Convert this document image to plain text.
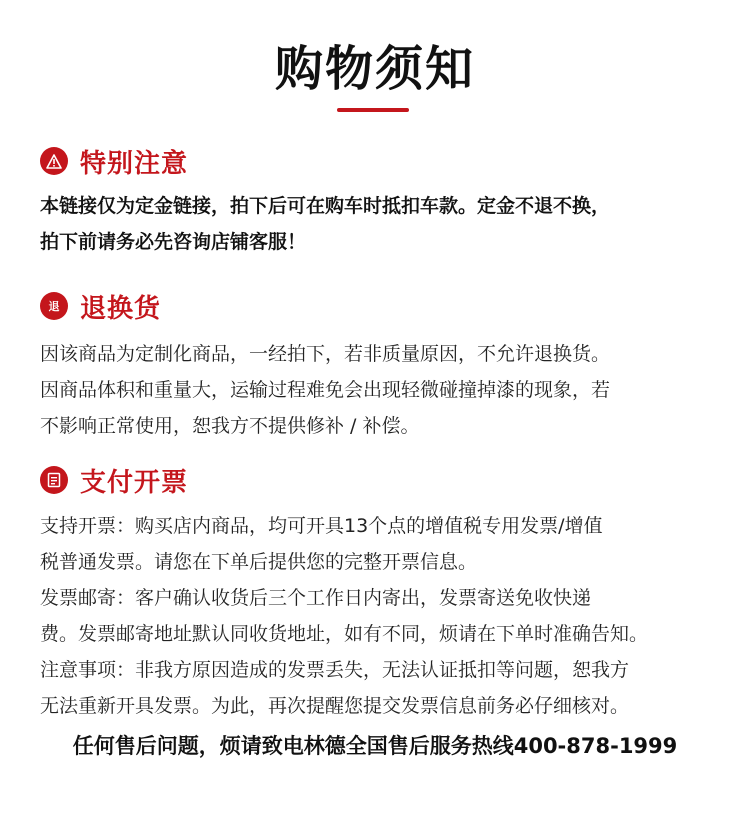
购物须知
特别注意
本链接仅为定金链接，拍下后可在购车时抵扣车款。定金不退不换，
拍下前请务必先咨询店铺客服！
退 退换货
因该商品为定制化商品，一经拍下，若非质量原因，不允许退换货。
因商品体积和重量大，运输过程难免会出现轻微碰撞掉漆的现象，若
不影响正常使用，恕我方不提供修补 / 补偿。
支付开票
支持开票：购买店内商品，均可开具13个点的增值税专用发票/增值
税普通发票。请您在下单后提供您的完整开票信息。
发票邮寄：客户确认收货后三个工作日内寄出，发票寄送免收快递
费。发票邮寄地址默认同收货地址，如有不同，烦请在下单时准确告知。
注意事项：非我方原因造成的发票丢失，无法认证抵扣等问题，恕我方
无法重新开具发票。为此，再次提醒您提交发票信息前务必仔细核对。
任何售后问题，烦请致电林德全国售后服务热线400-878-1999
